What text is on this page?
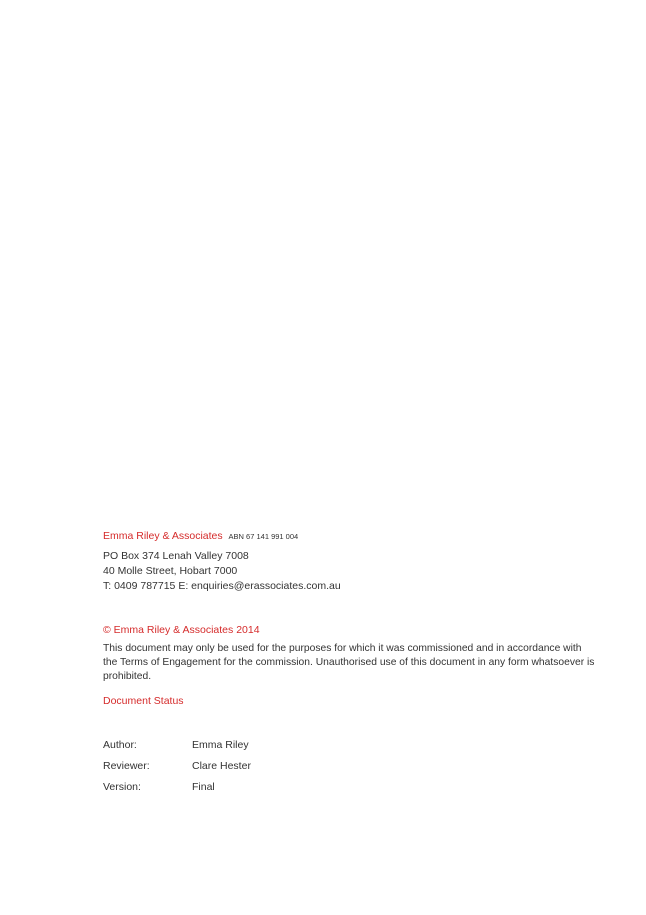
Emma Riley & Associates ABN 67 141 991 004
PO Box 374 Lenah Valley 7008
40 Molle Street, Hobart 7000
T: 0409 787715 E: enquiries@erassociates.com.au
© Emma Riley & Associates 2014
This document may only be used for the purposes for which it was commissioned and in accordance with the Terms of Engagement for the commission. Unauthorised use of this document in any form whatsoever is prohibited.
Document Status
Author:	Emma Riley
Reviewer:	Clare Hester
Version:	Final
